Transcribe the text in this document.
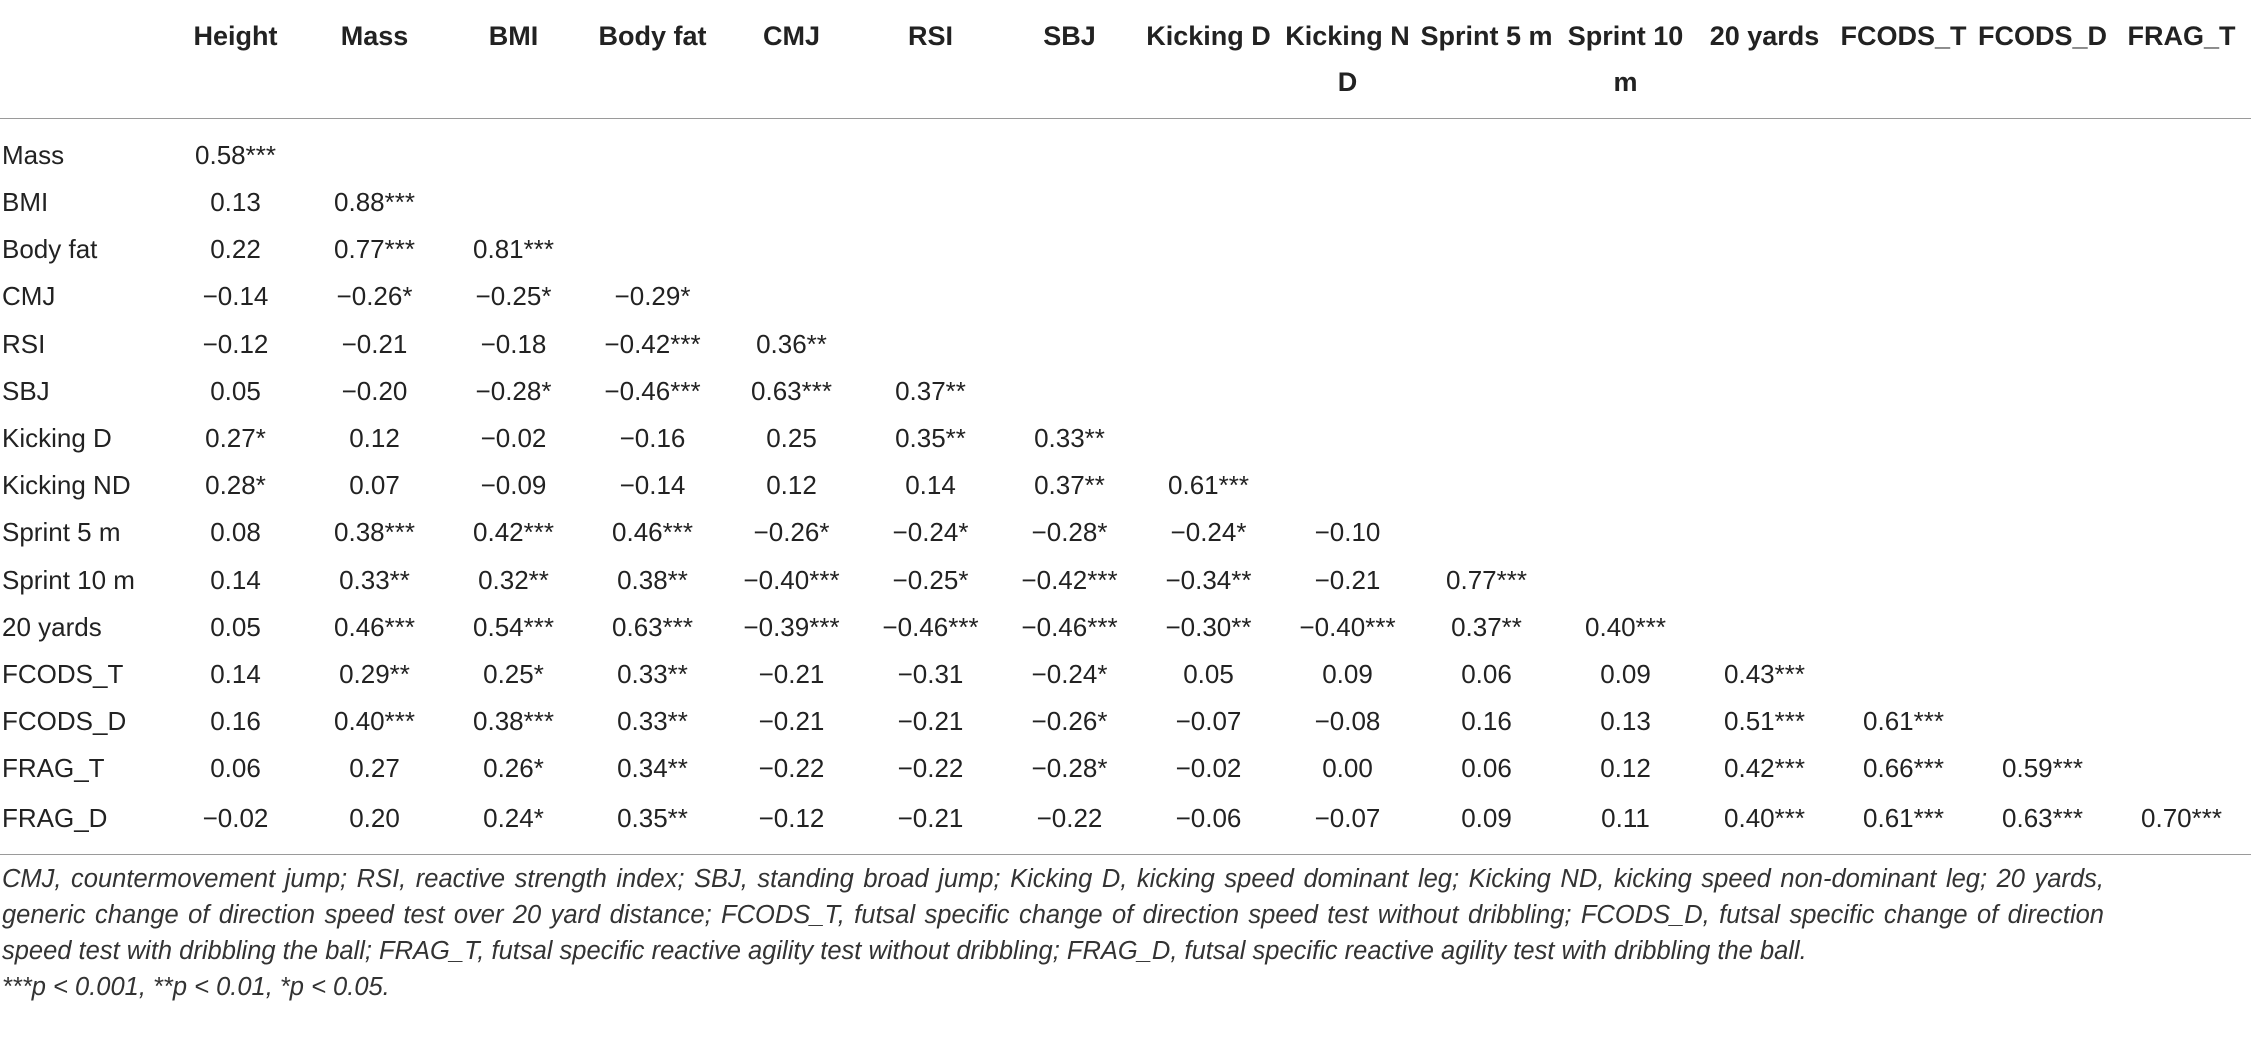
	Height	Mass	BMI	Body fat	CMJ	RSI	SBJ	Kicking D	Kicking ND	Sprint 5 m	Sprint 10 m	20 yards	FCODS_T	FCODS_D	FRAG_T

Mass	0.58***														
BMI	0.13	0.88***													
Body fat	0.22	0.77***	0.81***												
CMJ	−0.14	−0.26*	−0.25*	−0.29*											
RSI	−0.12	−0.21	−0.18	−0.42***	0.36**										
SBJ	0.05	−0.20	−0.28*	−0.46***	0.63***	0.37**									
Kicking D	0.27*	0.12	−0.02	−0.16	0.25	0.35**	0.33**								
Kicking ND	0.28*	0.07	−0.09	−0.14	0.12	0.14	0.37**	0.61***							
Sprint 5 m	0.08	0.38***	0.42***	0.46***	−0.26*	−0.24*	−0.28*	−0.24*	−0.10						
Sprint 10 m	0.14	0.33**	0.32**	0.38**	−0.40***	−0.25*	−0.42***	−0.34**	−0.21	0.77***					
20 yards	0.05	0.46***	0.54***	0.63***	−0.39***	−0.46***	−0.46***	−0.30**	−0.40***	0.37**	0.40***				
FCODS_T	0.14	0.29**	0.25*	0.33**	−0.21	−0.31	−0.24*	0.05	0.09	0.06	0.09	0.43***			
FCODS_D	0.16	0.40***	0.38***	0.33**	−0.21	−0.21	−0.26*	−0.07	−0.08	0.16	0.13	0.51***	0.61***		
FRAG_T	0.06	0.27	0.26*	0.34**	−0.22	−0.22	−0.28*	−0.02	0.00	0.06	0.12	0.42***	0.66***	0.59***	
FRAG_D	−0.02	0.20	0.24*	0.35**	−0.12	−0.21	−0.22	−0.06	−0.07	0.09	0.11	0.40***	0.61***	0.63***	0.70***

CMJ, countermovement jump; RSI, reactive strength index; SBJ, standing broad jump; Kicking D, kicking speed dominant leg; Kicking ND, kicking speed non-dominant leg; 20 yards, generic change of direction speed test over 20 yard distance; FCODS_T, futsal specific change of direction speed test without dribbling; FCODS_D, futsal specific change of direction speed test with dribbling the ball; FRAG_T, futsal specific reactive agility test without dribbling; FRAG_D, futsal specific reactive agility test with dribbling the ball.

***p < 0.001, **p < 0.01, *p < 0.05.
